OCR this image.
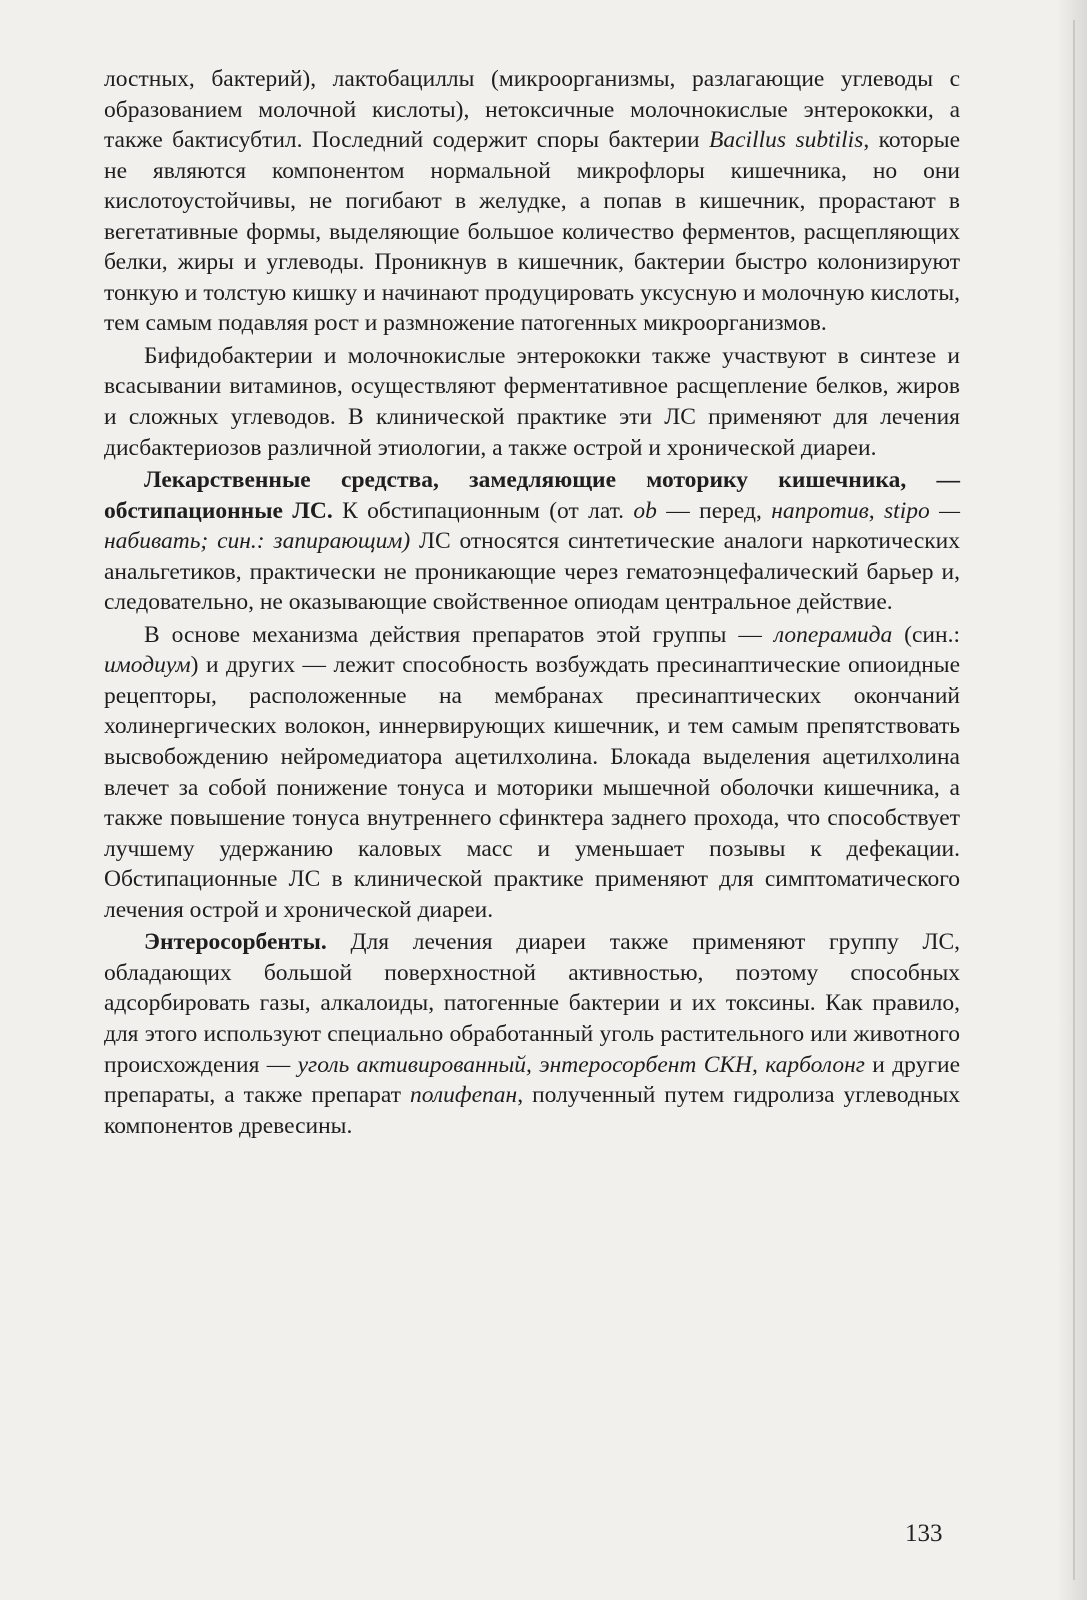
лостных, бактерий), лактобациллы (микроорганизмы, разлагающие углеводы с образованием молочной кислоты), нетоксичные молочнокислые энтерококки, а также бактисубтил. Последний содержит споры бактерии Bacillus subtilis, которые не являются компонентом нормальной микрофлоры кишечника, но они кислотоустойчивы, не погибают в желудке, а попав в кишечник, прорастают в вегетативные формы, выделяющие большое количество ферментов, расщепляющих белки, жиры и углеводы. Проникнув в кишечник, бактерии быстро колонизируют тонкую и толстую кишку и начинают продуцировать уксусную и молочную кислоты, тем самым подавляя рост и размножение патогенных микроорганизмов.

Бифидобактерии и молочнокислые энтерококки также участвуют в синтезе и всасывании витаминов, осуществляют ферментативное расщепление белков, жиров и сложных углеводов. В клинической практике эти ЛС применяют для лечения дисбактериозов различной этиологии, а также острой и хронической диареи.

Лекарственные средства, замедляющие моторику кишечника, — обстипационные ЛС. К обстипационным (от лат. ob — перед, напротив, stipo — набивать; син.: запирающим) ЛС относятся синтетические аналоги наркотических анальгетиков, практически не проникающие через гематоэнцефалический барьер и, следовательно, не оказывающие свойственное опиодам центральное действие.

В основе механизма действия препаратов этой группы — лоперамида (син.: имодиум) и других — лежит способность возбуждать пресинаптические опиоидные рецепторы, расположенные на мембранах пресинаптических окончаний холинергических волокон, иннервирующих кишечник, и тем самым препятствовать высвобождению нейромедиатора ацетилхолина. Блокада выделения ацетилхолина влечет за собой понижение тонуса и моторики мышечной оболочки кишечника, а также повышение тонуса внутреннего сфинктера заднего прохода, что способствует лучшему удержанию каловых масс и уменьшает позывы к дефекации. Обстипационные ЛС в клинической практике применяют для симптоматического лечения острой и хронической диареи.

Энтеросорбенты. Для лечения диареи также применяют группу ЛС, обладающих большой поверхностной активностью, поэтому способных адсорбировать газы, алкалоиды, патогенные бактерии и их токсины. Как правило, для этого используют специально обработанный уголь растительного или животного происхождения — уголь активированный, энтеросорбент СКН, карболонг и другие препараты, а также препарат полифепан, полученный путем гидролиза углеводных компонентов древесины.

133
